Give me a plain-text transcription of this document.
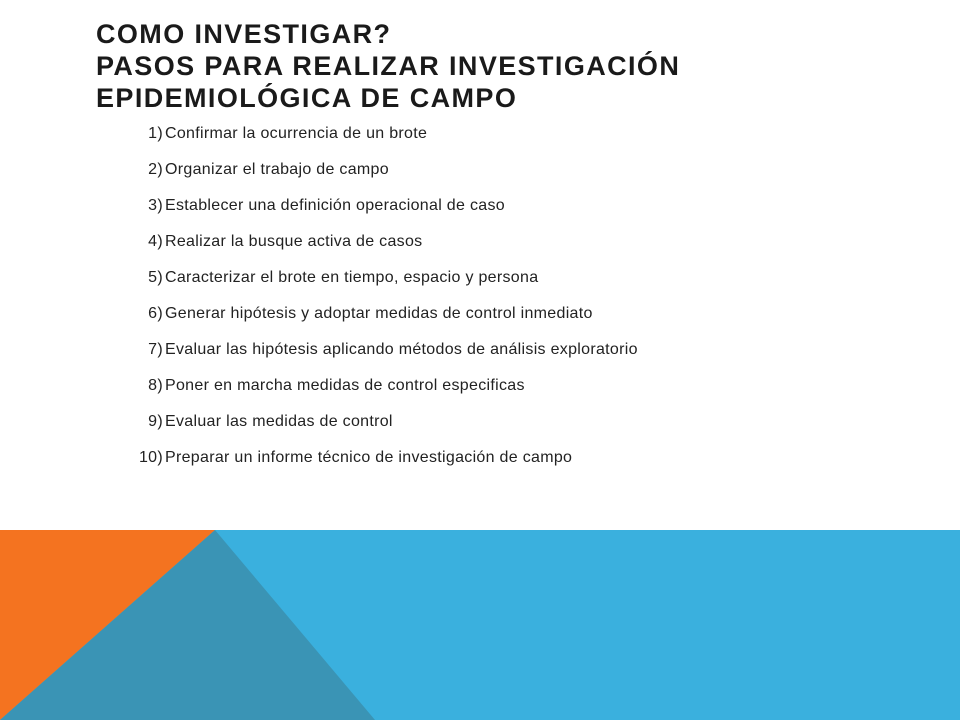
COMO INVESTIGAR?
PASOS PARA REALIZAR INVESTIGACIÓN
EPIDEMIOLÓGICA DE CAMPO
1) Confirmar la ocurrencia de un brote
2) Organizar el trabajo de campo
3) Establecer una definición operacional de caso
4) Realizar la busque activa de casos
5) Caracterizar el brote en tiempo, espacio y persona
6) Generar hipótesis y adoptar medidas de control inmediato
7) Evaluar las hipótesis aplicando métodos de análisis exploratorio
8) Poner en marcha medidas de control especificas
9) Evaluar las medidas de control
10) Preparar un informe técnico de investigación de campo
